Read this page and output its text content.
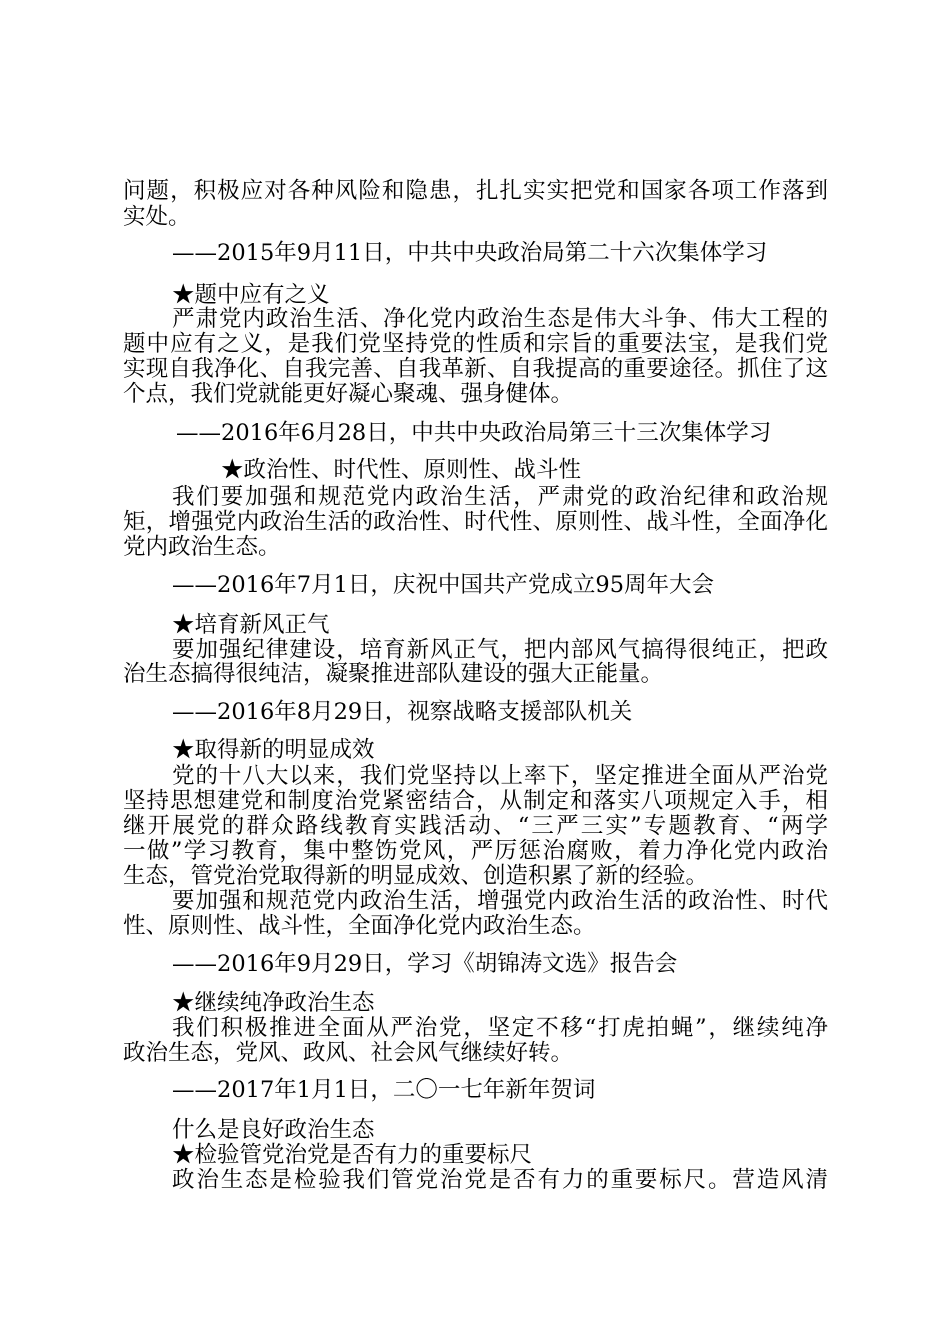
问题，积极应对各种风险和隐患，扎扎实实把党和国家各项工作落到
实处。
——2015年9月11日，中共中央政治局第二十六次集体学习
★题中应有之义
严肃党内政治生活、净化党内政治生态是伟大斗争、伟大工程的
题中应有之义，是我们党坚持党的性质和宗旨的重要法宝，是我们党
实现自我净化、自我完善、自我革新、自我提高的重要途径。抓住了这
个点，我们党就能更好凝心聚魂、强身健体。
——2016年6月28日，中共中央政治局第三十三次集体学习
★政治性、时代性、原则性、战斗性
我们要加强和规范党内政治生活，严肃党的政治纪律和政治规
矩，增强党内政治生活的政治性、时代性、原则性、战斗性，全面净化
党内政治生态。
——2016年7月1日，庆祝中国共产党成立95周年大会
★培育新风正气
要加强纪律建设，培育新风正气，把内部风气搞得很纯正，把政
治生态搞得很纯洁，凝聚推进部队建设的强大正能量。
——2016年8月29日，视察战略支援部队机关
★取得新的明显成效
党的十八大以来，我们党坚持以上率下，坚定推进全面从严治党
坚持思想建党和制度治党紧密结合，从制定和落实八项规定入手，相
继开展党的群众路线教育实践活动、“三严三实”专题教育、“两学
一做”学习教育，集中整饬党风，严厉惩治腐败，着力净化党内政治
生态，管党治党取得新的明显成效、创造积累了新的经验。
要加强和规范党内政治生活，增强党内政治生活的政治性、时代
性、原则性、战斗性，全面净化党内政治生态。
——2016年9月29日，学习《胡锦涛文选》报告会
★继续纯净政治生态
我们积极推进全面从严治党，坚定不移“打虎拍蝇”，继续纯净
政治生态，党风、政风、社会风气继续好转。
——2017年1月1日，二〇一七年新年贺词
什么是良好政治生态
★检验管党治党是否有力的重要标尺
政治生态是检验我们管党治党是否有力的重要标尺。营造风清
